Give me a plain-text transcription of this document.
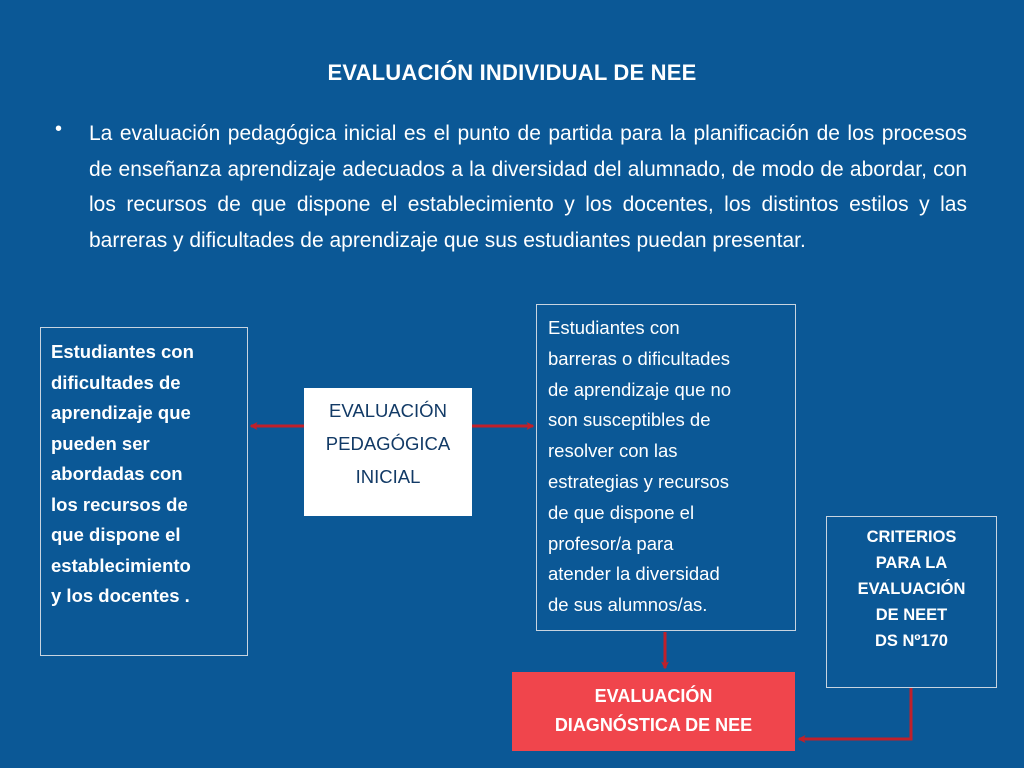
EVALUACIÓN INDIVIDUAL DE NEE
• La evaluación pedagógica inicial es el punto de partida para la planificación de los procesos de enseñanza aprendizaje adecuados a la diversidad del alumnado, de modo de abordar, con los recursos de que dispone el establecimiento y los docentes, los distintos estilos y las barreras y dificultades de aprendizaje que sus estudiantes puedan presentar.
Estudiantes con
dificultades de
aprendizaje que
pueden ser
abordadas con
los recursos de
que dispone el
establecimiento
y los docentes .
EVALUACIÓN
PEDAGÓGICA
INICIAL
Estudiantes con
barreras o dificultades
de aprendizaje que no
son susceptibles de
resolver con las
estrategias y recursos
de que dispone el
profesor/a para
atender la diversidad
de sus alumnos/as.
CRITERIOS
PARA LA
EVALUACIÓN
DE NEET
DS Nº170
EVALUACIÓN
DIAGNÓSTICA DE NEE
